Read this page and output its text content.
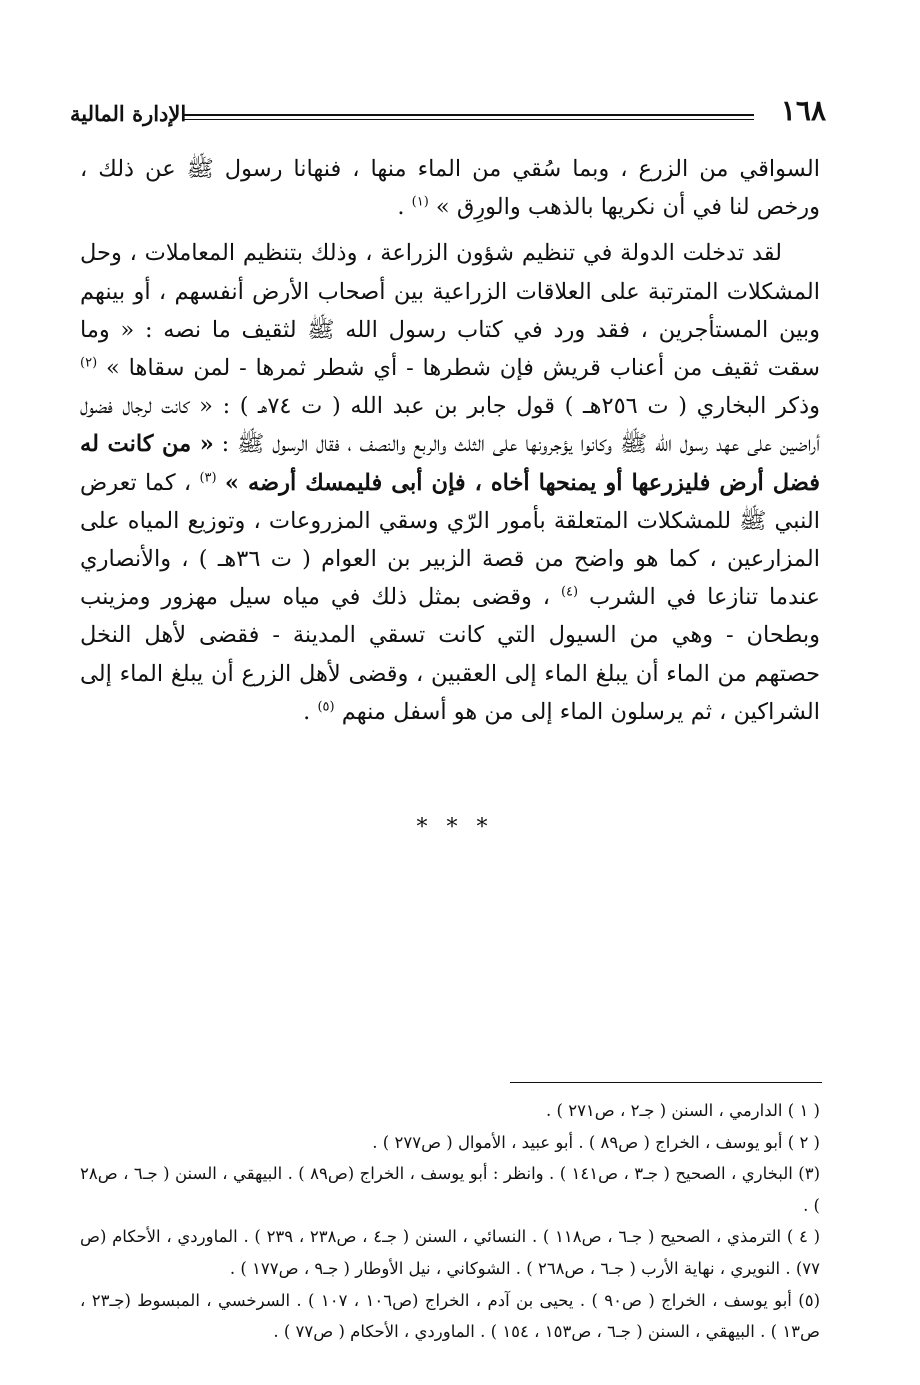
١٦٨
الإدارة المالية

السواقي من الزرع ، وبما سُقي من الماء منها ، فنهانا رسول ﷺ عن ذلك ، ورخص لنا في أن نكريها بالذهب والورِق » $^{(١)}$ .

لقد تدخلت الدولة في تنظيم شؤون الزراعة ، وذلك بتنظيم المعاملات ، وحل المشكلات المترتبة على العلاقات الزراعية بين أصحاب الأرض أنفسهم ، أو بينهم وبين المستأجرين ، فقد ورد في كتاب رسول الله ﷺ لثقيف ما نصه : « وما سقت ثقيف من أعناب قريش فإن شطرها - أي شطر ثمرها - لمن سقاها » $^{(٢)}$ وذكر البخاري ( ت ٢٥٦هـ ) قول جابر بن عبد الله ( ت ٧٤هـ ) : « كانت لرجال فضول أراضين على عهد رسول الله ﷺ وكانوا يؤجرونها على الثلث والربع والنصف ، فقال الرسول ﷺ : « من كانت له فضل أرض فليزرعها أو يمنحها أخاه ، فإن أبى فليمسك أرضه » $^{(٣)}$ ، كما تعرض النبي ﷺ للمشكلات المتعلقة بأمور الرّي وسقي المزروعات ، وتوزيع المياه على المزارعين ، كما هو واضح من قصة الزبير بن العوام ( ت ٣٦هـ ) ، والأنصاري عندما تنازعا في الشرب $^{(٤)}$ ، وقضى بمثل ذلك في مياه سيل مهزور ومزينب وبطحان - وهي من السيول التي كانت تسقي المدينة - فقضى لأهل النخل حصتهم من الماء أن يبلغ الماء إلى العقبين ، وقضى لأهل الزرع أن يبلغ الماء إلى الشراكين ، ثم يرسلون الماء إلى من هو أسفل منهم $^{(٥)}$ .

* * *

( ١ ) الدارمي ، السنن ( جـ٢ ، ص٢٧١ ) .

( ٢ ) أبو يوسف ، الخراج ( ص٨٩ ) . أبو عبيد ، الأموال ( ص٢٧٧ ) .

(٣) البخاري ، الصحيح ( جـ٣ ، ص١٤١ ) . وانظر : أبو يوسف ، الخراج (ص٨٩ ) . البيهقي ، السنن ( جـ٦ ، ص٢٨ ) .

( ٤ ) الترمذي ، الصحيح ( جـ٦ ، ص١١٨ ) . النسائي ، السنن ( جـ٤ ، ص٢٣٨ ، ٢٣٩ ) . الماوردي ، الأحكام (ص ٧٧) . النويري ، نهاية الأرب ( جـ٦ ، ص٢٦٨ ) . الشوكاني ، نيل الأوطار ( جـ٩ ، ص١٧٧ ) .

(٥) أبو يوسف ، الخراج ( ص٩٠ ) . يحيى بن آدم ، الخراج (ص١٠٦ ، ١٠٧ ) . السرخسي ، المبسوط (جـ٢٣ ، ص١٣ ) . البيهقي ، السنن ( جـ٦ ، ص١٥٣ ، ١٥٤ ) . الماوردي ، الأحكام ( ص٧٧ ) .
